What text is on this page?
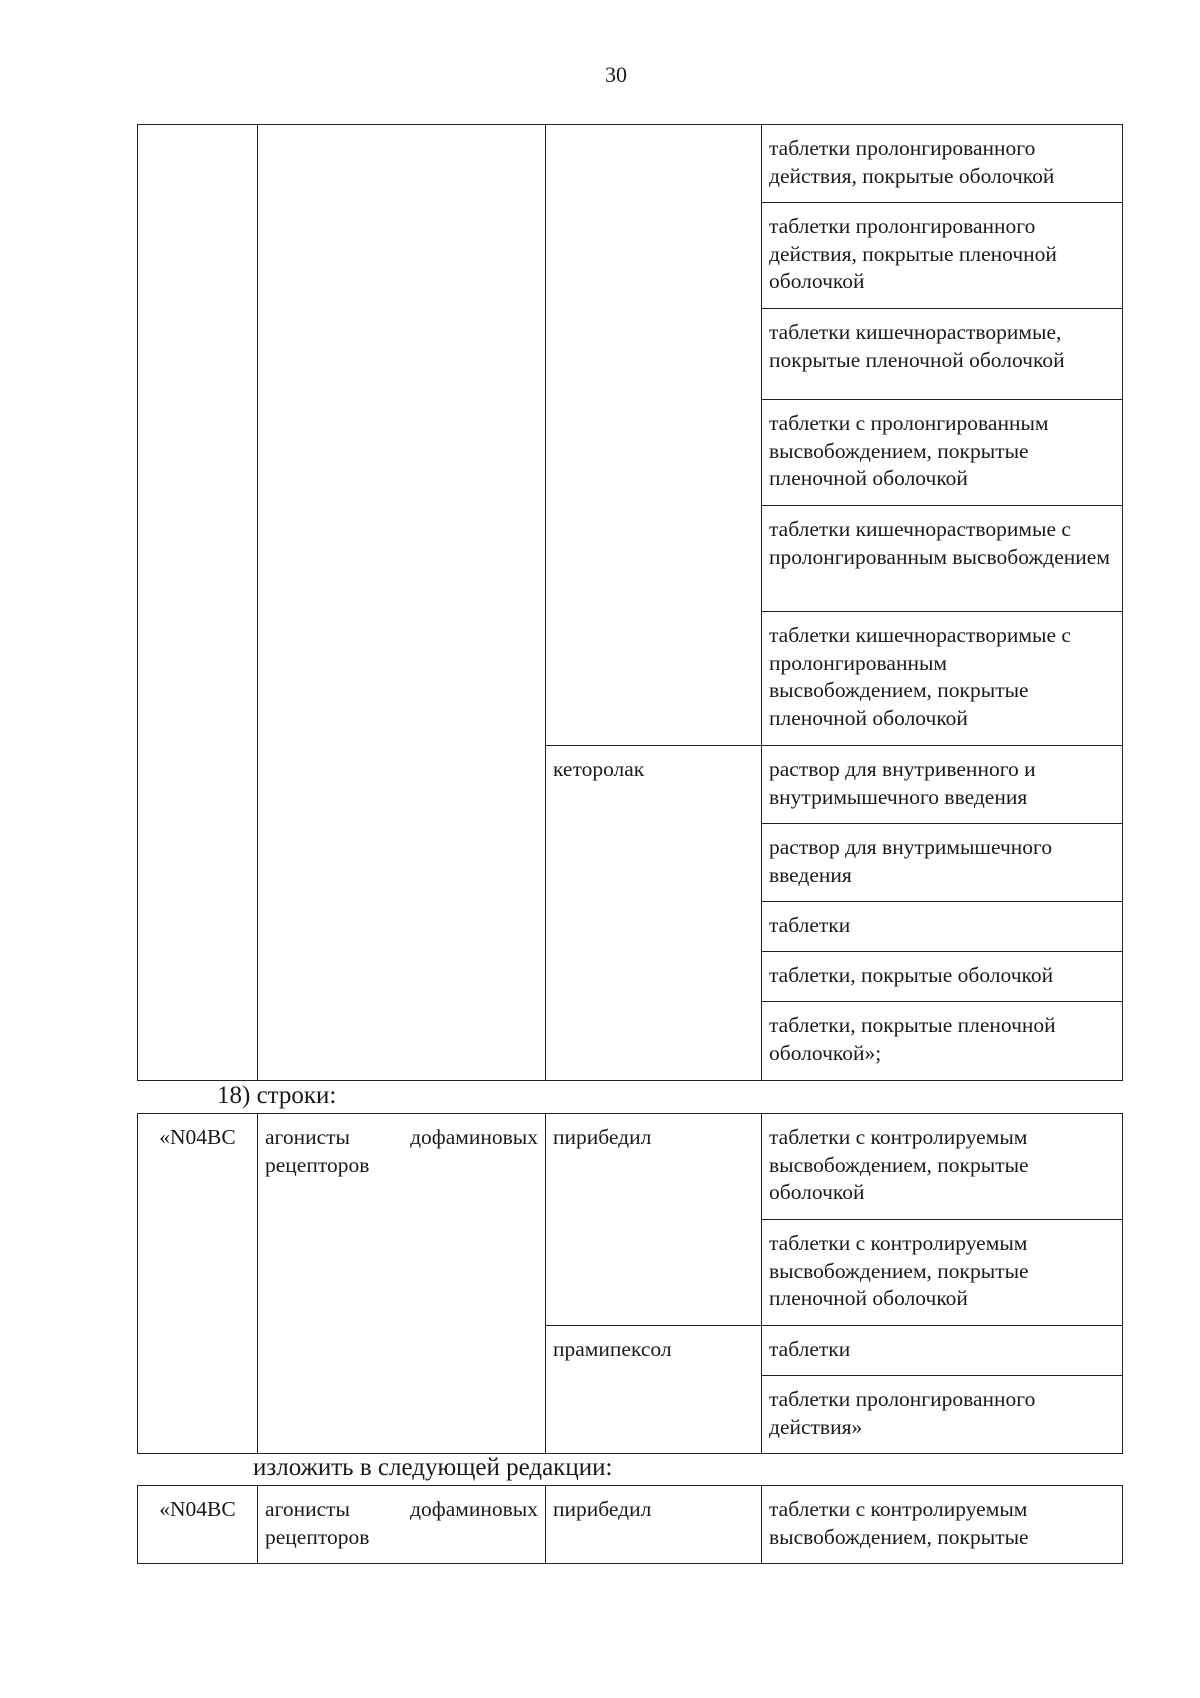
30
			таблетки пролонгированного действия, покрытые оболочкой
			таблетки пролонгированного действия, покрытые пленочной оболочкой
			таблетки кишечнорастворимые, покрытые пленочной оболочкой
			таблетки с пролонгированным высвобождением, покрытые пленочной оболочкой
			таблетки кишечнорастворимые с пролонгированным высвобождением
			таблетки кишечнорастворимые с пролонгированным высвобождением, покрытые пленочной оболочкой
		кеторолак	раствор для внутривенного и внутримышечного введения
			раствор для внутримышечного введения
			таблетки
			таблетки, покрытые оболочкой
			таблетки, покрытые пленочной оболочкой»;
18) строки:
«N04BC	агонисты дофаминовых рецепторов	пирибедил	таблетки с контролируемым высвобождением, покрытые оболочкой
			таблетки с контролируемым высвобождением, покрытые пленочной оболочкой
		прамипексол	таблетки
			таблетки пролонгированного действия»
изложить в следующей редакции:
«N04BC	агонисты дофаминовых рецепторов	пирибедил	таблетки с контролируемым высвобождением, покрытые
